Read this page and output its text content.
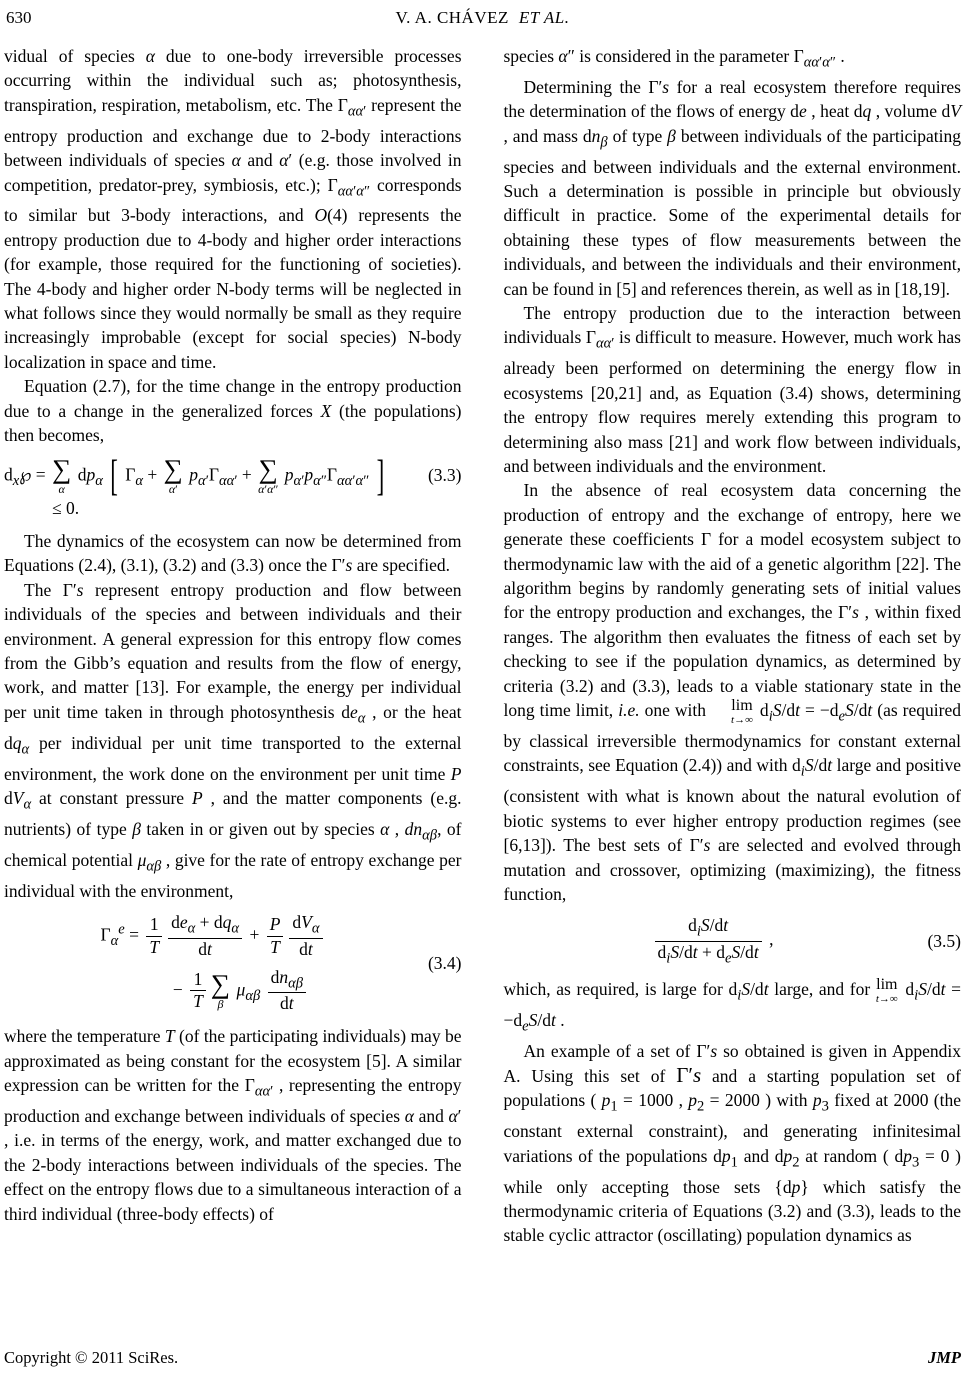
630	V. A. CHÁVEZ ET AL.

vidual of species α due to one-body irreversible processes occurring within the individual such as; photosynthesis, transpiration, respiration, metabolism, etc. The $\Gamma_{\alpha\alpha'}$ represent the entropy production and exchange due to 2-body interactions between individuals of species α and α′ (e.g. those involved in competition, predator-prey, symbiosis, etc.); $\Gamma_{\alpha\alpha'\alpha''}$ corresponds to similar but 3-body interactions, and O(4) represents the entropy production due to 4-body and higher order interactions (for example, those required for the functioning of societies). The 4-body and higher order N-body terms will be neglected in what follows since they would normally be small as they require increasingly improbable (except for social species) N-body localization in space and time.

Equation (2.7), for the time change in the entropy production due to a change in the generalized forces X (the populations) then becomes,

$d_x℘$ = ∑
α
$dp_\alpha$ [ $\Gamma_\alpha$ + ∑
α′
$p_{\alpha'}\Gamma_{\alpha\alpha'}$ + ∑
α′α″
$p_{\alpha'}p_{\alpha''}\Gamma_{\alpha\alpha'\alpha''}$ ]	(3.3)
≤ 0.

The dynamics of the ecosystem can now be determined from Equations (2.4), (3.1), (3.2) and (3.3) once the Γ′s are specified.

The Γ′s represent entropy production and flow between individuals of the species and between individuals and their environment. A general expression for this entropy flow comes from the Gibb’s equation and results from the flow of energy, work, and matter [13]. For example, the energy per individual per unit time taken in through photosynthesis $de_\alpha$ , or the heat $dq_\alpha$ per individual per unit time transported to the external environment, the work done on the environment per unit time P $dV_\alpha$ at constant pressure P , and the matter components (e.g. nutrients) of type β taken in or given out by species α , $dn_{\alpha\beta}$, of chemical potential $\mu_{\alpha\beta}$ , give for the rate of entropy exchange per individual with the environment,

$\Gamma_\alpha^e = \frac{1}{T} \frac{de_\alpha + dq_\alpha}{dt} + \frac{P}{T} \frac{dV_\alpha}{dt}$
− $\frac{1}{T}$ ∑
β
$\mu_{\alpha\beta} \frac{dn_{\alpha\beta}}{dt}$
(3.4)

where the temperature T (of the participating individuals) may be approximated as being constant for the ecosystem [5]. A similar expression can be written for the $\Gamma_{\alpha\alpha'}$ , representing the entropy production and exchange between individuals of species α and α′ , i.e. in terms of the energy, work, and matter exchanged due to the 2-body interactions between individuals of the species. The effect on the entropy flows due to a simultaneous interaction of a third individual (three-body effects) of

species α″ is considered in the parameter $\Gamma_{\alpha\alpha'\alpha''}$ .

Determining the Γ′s for a real ecosystem therefore requires the determination of the flows of energy de , heat dq , volume dV , and mass $dn_\beta$ of type β between individuals of the participating species and between individuals and the external environment. Such a determination is possible in principle but obviously difficult in practice. Some of the experimental details for obtaining these types of flow measurements between the individuals, and between the individuals and their environment, can be found in [5] and references therein, as well as in [18,19].

The entropy production due to the interaction between individuals $\Gamma_{\alpha\alpha'}$ is difficult to measure. However, much work has already been performed on determining the energy flow in ecosystems [20,21] and, as Equation (3.4) shows, determining the entropy flow requires merely extending this program to determining also mass [21] and work flow between individuals, and between individuals and the environment.

In the absence of real ecosystem data concerning the production of entropy and the exchange of entropy, here we generate these coefficients Γ for a model ecosystem subject to thermodynamic law with the aid of a genetic algorithm [22]. The algorithm begins by randomly generating sets of initial values for the entropy production and exchanges, the Γ′s , within fixed ranges. The algorithm then evaluates the fitness of each set by checking to see if the population dynamics, as determined by criteria (3.2) and (3.3), leads to a viable stationary state in the long time limit, i.e. one with	lim
t→∞ $d_iS/dt = -d_eS/dt$ (as required by classical irreversible thermodynamics for constant external constraints, see Equation (2.4)) and with $d_iS/dt$ large and positive (consistent with what is known about the natural evolution of biotic systems to ever higher entropy production regimes (see [6,13]). The best sets of Γ′s are selected and evolved through mutation and crossover, optimizing (maximizing), the fitness function,

$\frac{d_iS/dt}{d_iS/dt + d_eS/dt}$ ,	(3.5)

which, as required, is large for $d_iS/dt$ large, and for lim
t→∞ $d_iS/dt = -d_eS/dt$ .

An example of a set of Γ′s so obtained is given in Appendix A. Using this set of Γ′s and a starting population set of populations ( $p_1 = 1000$ , $p_2 = 2000$ ) with $p_3$ fixed at 2000 (the constant external constraint), and generating infinitesimal variations of the populations $dp_1$ and $dp_2$ at random ( $dp_3 = 0$ ) while only accepting those sets {dp} which satisfy the thermodynamic criteria of Equations (3.2) and (3.3), leads to the stable cyclic attractor (oscillating) population dynamics as

Copyright © 2011 SciRes.	JMP
